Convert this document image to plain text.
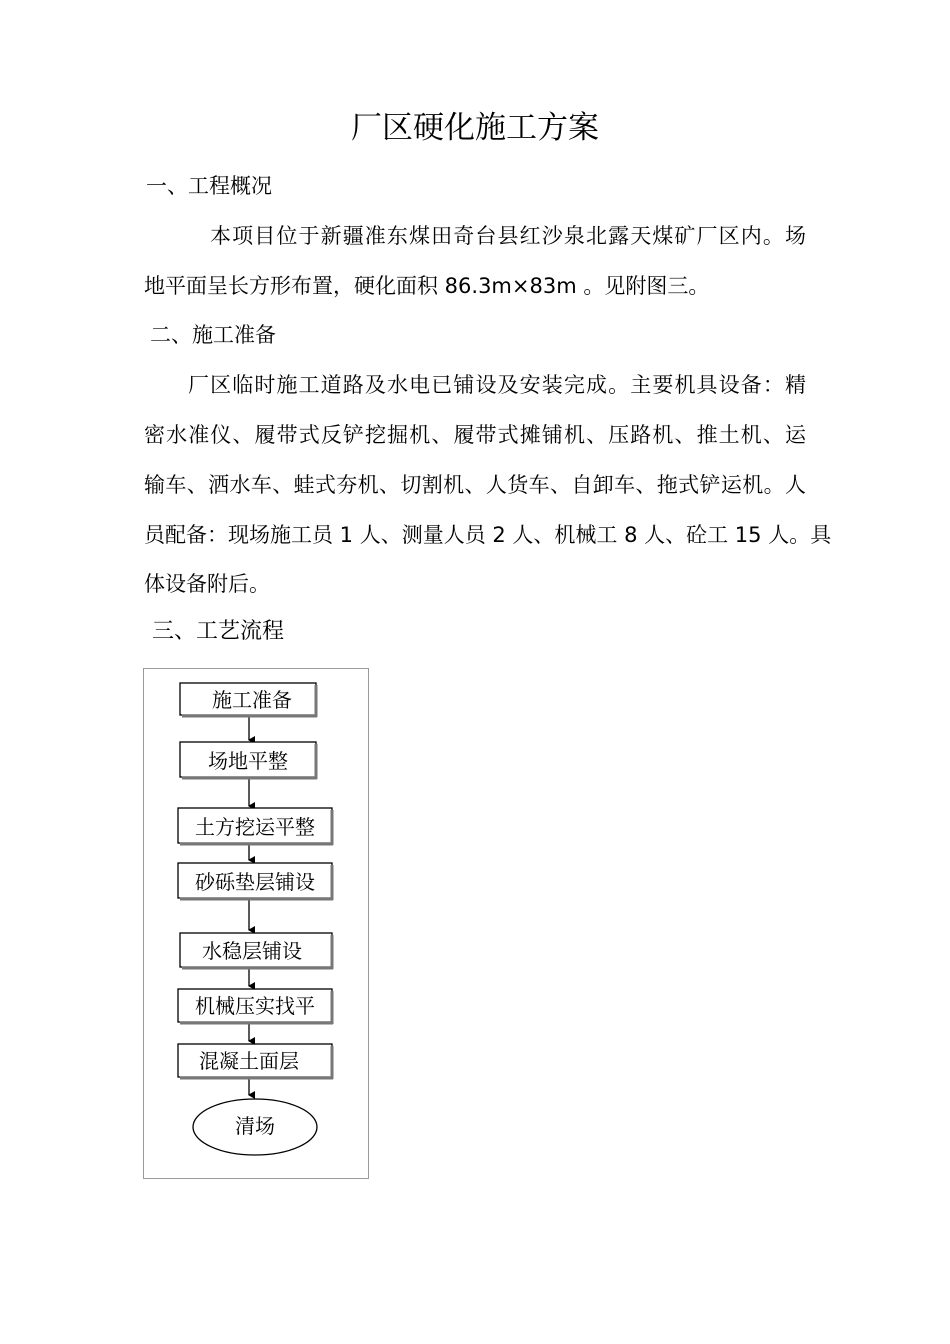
厂区硬化施工方案
一、工程概况
本项目位于新疆准东煤田奇台县红沙泉北露天煤矿厂区内。场
地平面呈长方形布置，硬化面积 86.3m×83m 。见附图三。
二、施工准备
厂区临时施工道路及水电已铺设及安装完成。主要机具设备：精
密水准仪、履带式反铲挖掘机、履带式摊铺机、压路机、推土机、运
输车、洒水车、蛙式夯机、切割机、人货车、自卸车、拖式铲运机。人
员配备：现场施工员 1 人、测量人员 2 人、机械工 8 人、砼工 15 人。具
体设备附后。
三、工艺流程
施工准备
场地平整
土方挖运平整
砂砾垫层铺设
水稳层铺设
机械压实找平
混凝土面层
清场
